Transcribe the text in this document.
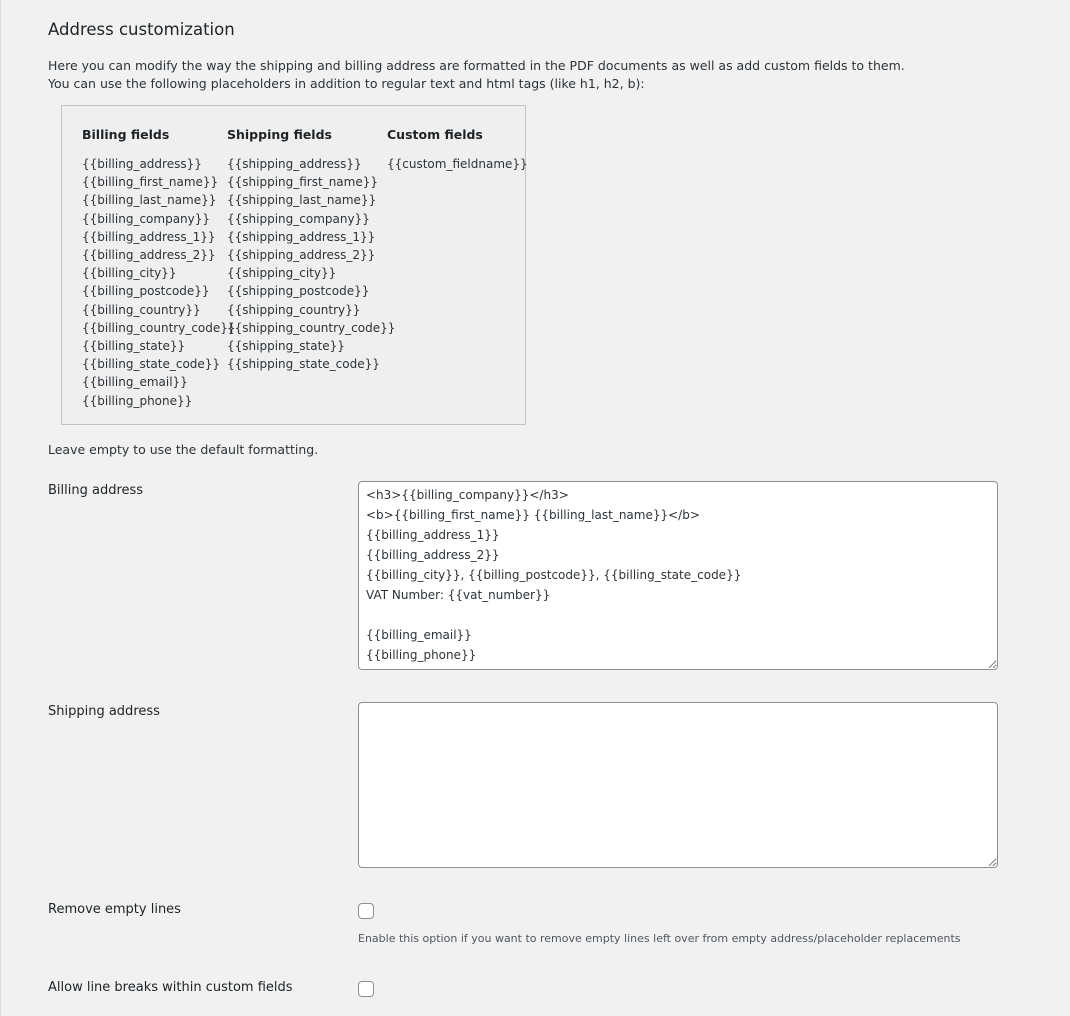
Address customization

Here you can modify the way the shipping and billing address are formatted in the PDF documents as well as add custom fields to them.

You can use the following placeholders in addition to regular text and html tags (like h1, h2, b):

Billing fields
{{billing_address}}
{{billing_first_name}}
{{billing_last_name}}
{{billing_company}}
{{billing_address_1}}
{{billing_address_2}}
{{billing_city}}
{{billing_postcode}}
{{billing_country}}
{{billing_country_code}}
{{billing_state}}
{{billing_state_code}}
{{billing_email}}
{{billing_phone}}
Shipping fields
{{shipping_address}}
{{shipping_first_name}}
{{shipping_last_name}}
{{shipping_company}}
{{shipping_address_1}}
{{shipping_address_2}}
{{shipping_city}}
{{shipping_postcode}}
{{shipping_country}}
{{shipping_country_code}}
{{shipping_state}}
{{shipping_state_code}}
Custom fields
{{custom_fieldname}}
Leave empty to use the default formatting.
Billing address
<h3>{{billing_company}}</h3> <b>{{billing_first_name}} {{billing_last_name}}</b> {{billing_address_1}} {{billing_address_2}} {{billing_city}}, {{billing_postcode}}, {{billing_state_code}} VAT Number: {{vat_number}} {{billing_email}} {{billing_phone}}
Shipping address
Remove empty lines
Enable this option if you want to remove empty lines left over from empty address/placeholder replacements
Allow line breaks within custom fields
